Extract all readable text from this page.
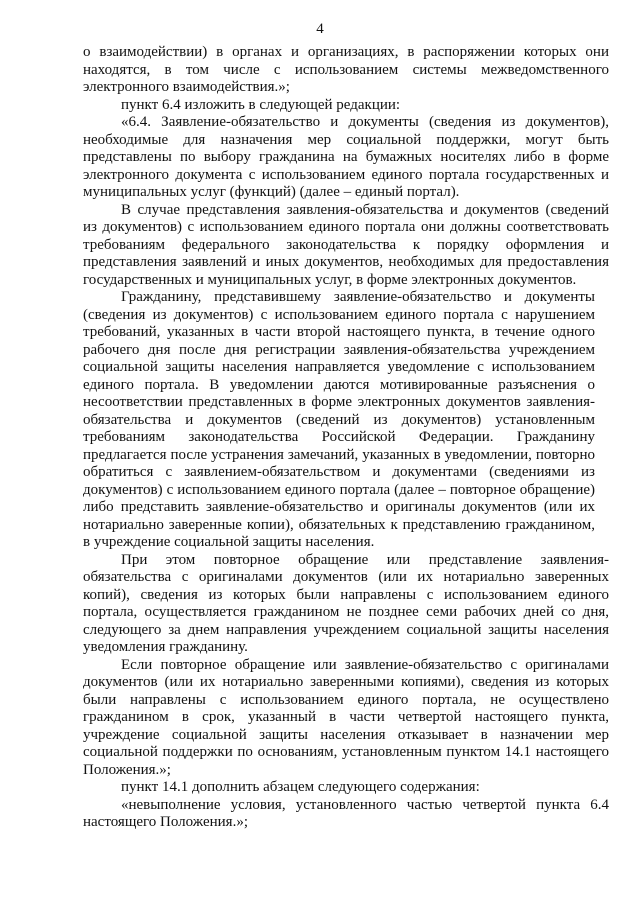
4

о взаимодействии) в органах и организациях, в распоряжении которых они находятся, в том числе с использованием системы межведомственного электронного взаимодействия.»;

пункт 6.4 изложить в следующей редакции:

«6.4. Заявление-обязательство и документы (сведения из документов), необходимые для назначения мер социальной поддержки, могут быть представлены по выбору гражданина на бумажных носителях либо в форме электронного документа с использованием единого портала государственных и муниципальных услуг (функций) (далее – единый портал).

В случае представления заявления-обязательства и документов (сведений из документов) с использованием единого портала они должны соответствовать требованиям федерального законодательства к порядку оформления и представления заявлений и иных документов, необходимых для предоставления государственных и муниципальных услуг, в форме электронных документов.

Гражданину, представившему заявление-обязательство и документы (сведения из документов) с использованием единого портала с нарушением требований, указанных в части второй настоящего пункта, в течение одного рабочего дня после дня регистрации заявления-обязательства учреждением социальной защиты населения направляется уведомление с использованием единого портала. В уведомлении даются мотивированные разъяснения о несоответствии представленных в форме электронных документов заявления-обязательства и документов (сведений из документов) установленным требованиям законодательства Российской Федерации. Гражданину предлагается после устранения замечаний, указанных в уведомлении, повторно обратиться с заявлением-обязательством и документами (сведениями из документов) с использованием единого портала (далее – повторное обращение) либо представить заявление-обязательство и оригиналы документов (или их нотариально заверенные копии), обязательных к представлению гражданином, в учреждение социальной защиты населения.

При этом повторное обращение или представление заявления-обязательства с оригиналами документов (или их нотариально заверенных копий), сведения из которых были направлены с использованием единого портала, осуществляется гражданином не позднее семи рабочих дней со дня, следующего за днем направления учреждением социальной защиты населения уведомления гражданину.

Если повторное обращение или заявление-обязательство с оригиналами документов (или их нотариально заверенными копиями), сведения из которых были направлены с использованием единого портала, не осуществлено гражданином в срок, указанный в части четвертой настоящего пункта, учреждение социальной защиты населения отказывает в назначении мер социальной поддержки по основаниям, установленным пунктом 14.1 настоящего Положения.»;

пункт 14.1 дополнить абзацем следующего содержания:

«невыполнение условия, установленного частью четвертой пункта 6.4 настоящего Положения.»;
